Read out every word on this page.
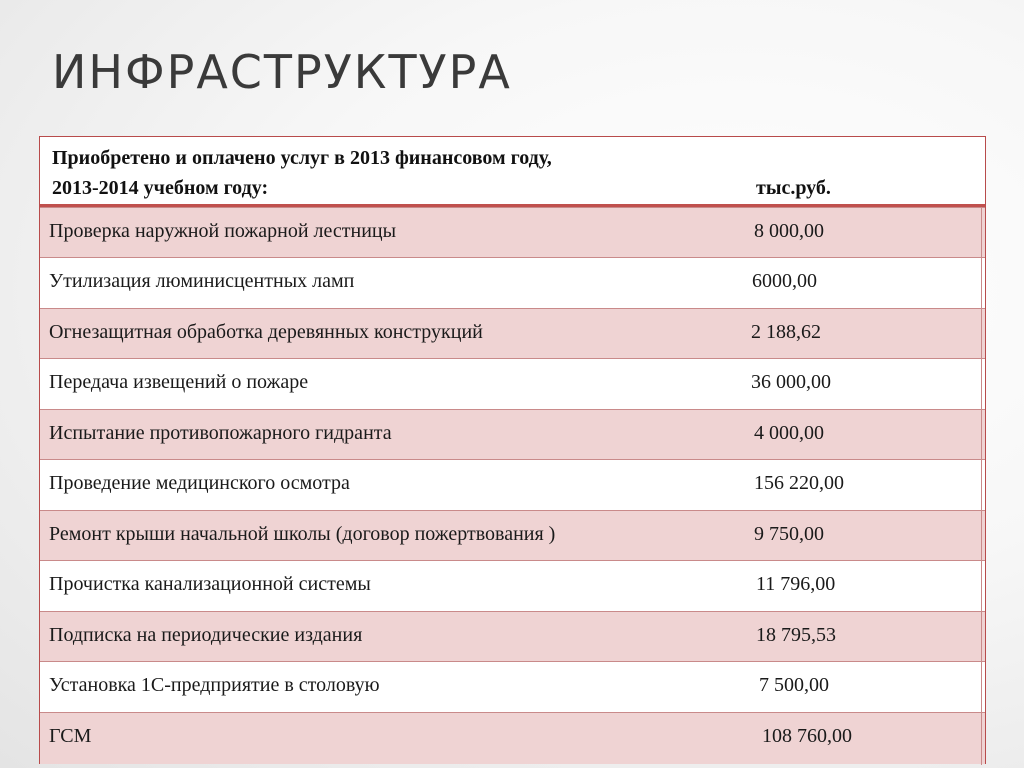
ИНФРАСТРУКТУРА
Приобретено и оплачено услуг в 2013 финансовом году,
2013-2014 учебном году:	тыс.руб.
Проверка наружной пожарной лестницы	8 000,00
Утилизация люминисцентных ламп	6000,00
Огнезащитная обработка деревянных конструкций	2 188,62
Передача извещений о пожаре	36 000,00
Испытание противопожарного гидранта	4 000,00
Проведение медицинского осмотра	156 220,00
Ремонт крыши начальной школы (договор пожертвования )	9 750,00
Прочистка канализационной системы	11 796,00
Подписка на периодические издания	18 795,53
Установка 1С-предприятие в столовую	7 500,00
ГСМ	108 760,00
